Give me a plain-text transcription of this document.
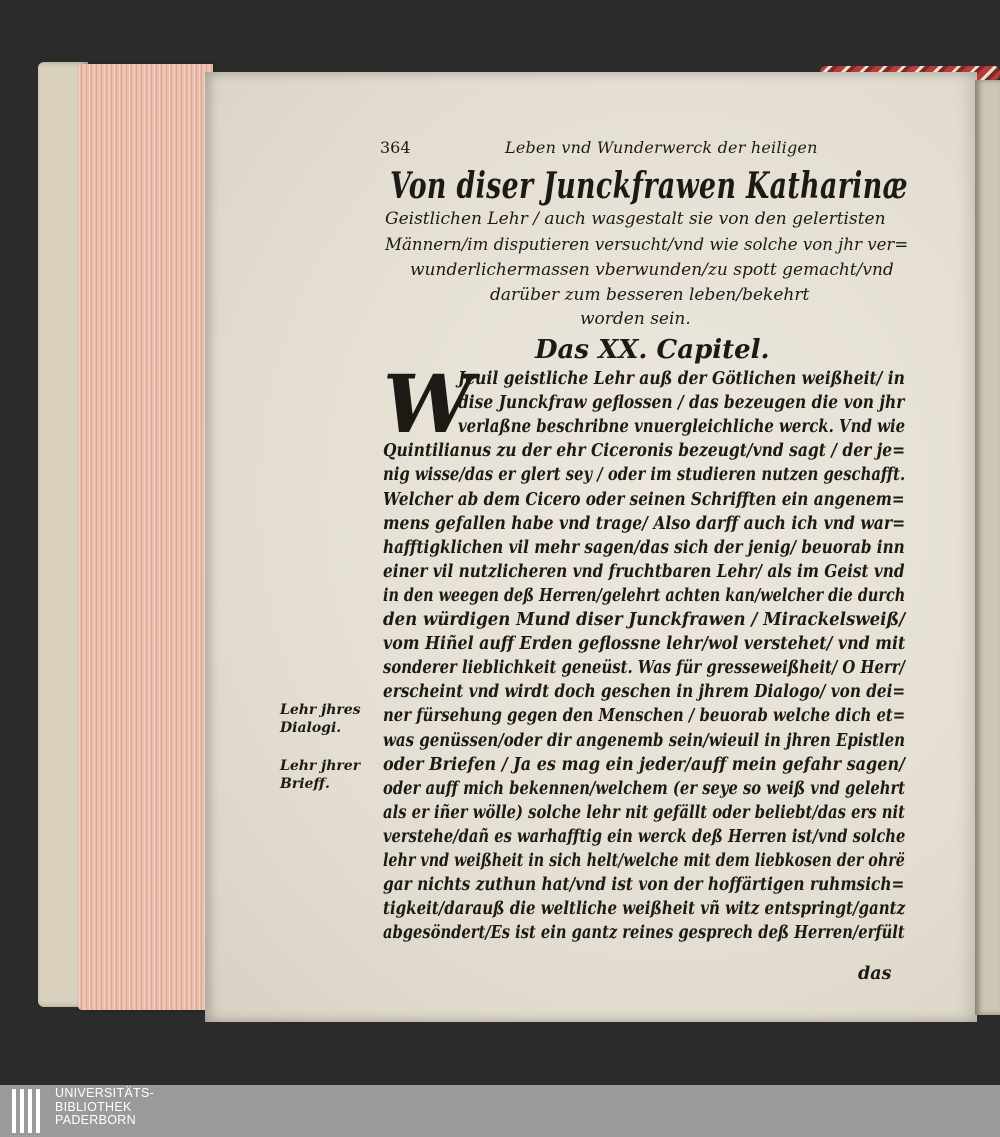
364	Leben vnd Wunderwerck der heiligen
Von diser Junckfrawen Katharinæ
Geistlichen Lehr / auch wasgestalt sie von den gelertisten
Männern/im disputieren versucht/vnd wie solche von jhr ver=
wunderlichermassen vberwunden/zu spott gemacht/vnd
darüber zum besseren leben/bekehrt
worden sein.
Das XX. Capitel.
W
Jeuil geistliche Lehr auß der Götlichen weißheit/ in
dise Junckfraw geflossen / das bezeugen die von jhr
verlaßne beschribne vnuergleichliche werck. Vnd wie
Quintilianus zu der ehr Ciceronis bezeugt/vnd sagt / der je=
nig wisse/das er glert sey / oder im studieren nutzen geschafft.
Welcher ab dem Cicero oder seinen Schrifften ein angenem=
mens gefallen habe vnd trage/ Also darff auch ich vnd war=
hafftigklichen vil mehr sagen/das sich der jenig/ beuorab inn
einer vil nutzlicheren vnd fruchtbaren Lehr/ als im Geist vnd
in den weegen deß Herren/gelehrt achten kan/welcher die durch
den würdigen Mund diser Junckfrawen / Mirackelsweiß/
vom Hiñel auff Erden geflossne lehr/wol verstehet/ vnd mit
sonderer lieblichkeit geneüst. Was für gresseweißheit/ O Herr/
erscheint vnd wirdt doch geschen in jhrem Dialogo/ von dei=
ner fürsehung gegen den Menschen / beuorab welche dich et=
was genüssen/oder dir angenemb sein/wieuil in jhren Epistlen
oder Briefen / Ja es mag ein jeder/auff mein gefahr sagen/
oder auff mich bekennen/welchem (er seye so weiß vnd gelehrt
als er iñer wölle) solche lehr nit gefällt oder beliebt/das ers nit
verstehe/dañ es warhafftig ein werck deß Herren ist/vnd solche
lehr vnd weißheit in sich helt/welche mit dem liebkosen der ohrë
gar nichts zuthun hat/vnd ist von der hoffärtigen ruhmsich=
tigkeit/darauß die weltliche weißheit vñ witz entspringt/gantz
abgesöndert/Es ist ein gantz reines gesprech deß Herren/erfült
Lehr jhres
Dialogi.
Lehr jhrer
Brieff.
das
UNIVERSITÄTS-
BIBLIOTHEK
PADERBORN
